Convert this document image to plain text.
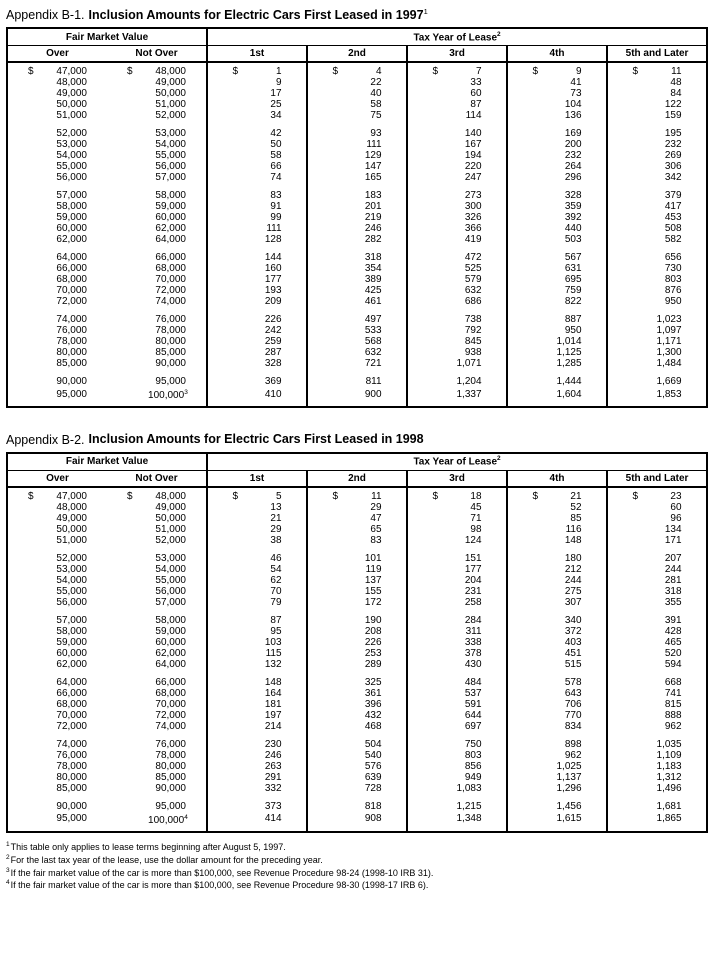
Appendix B-1. Inclusion Amounts for Electric Cars First Leased in 1997$^1$
Fair Market Value		Tax Year of Lease$^2$
Over	Not Over	1st	2nd	3rd	4th	5th and Later
$ 47,000	$ 48,000	$ 1	$ 4	$ 7	$ 9	$ 11
48,000	49,000	9	22	33	41	48
49,000	50,000	17	40	60	73	84
50,000	51,000	25	58	87	104	122
51,000	52,000	34	75	114	136	159
52,000	53,000	42	93	140	169	195
53,000	54,000	50	111	167	200	232
54,000	55,000	58	129	194	232	269
55,000	56,000	66	147	220	264	306
56,000	57,000	74	165	247	296	342
57,000	58,000	83	183	273	328	379
58,000	59,000	91	201	300	359	417
59,000	60,000	99	219	326	392	453
60,000	62,000	111	246	366	440	508
62,000	64,000	128	282	419	503	582
64,000	66,000	144	318	472	567	656
66,000	68,000	160	354	525	631	730
68,000	70,000	177	389	579	695	803
70,000	72,000	193	425	632	759	876
72,000	74,000	209	461	686	822	950
74,000	76,000	226	497	738	887	1,023
76,000	78,000	242	533	792	950	1,097
78,000	80,000	259	568	845	1,014	1,171
80,000	85,000	287	632	938	1,125	1,300
85,000	90,000	328	721	1,071	1,285	1,484
90,000	95,000	369	811	1,204	1,444	1,669
95,000	100,000$^3$	410	900	1,337	1,604	1,853
Appendix B-2. Inclusion Amounts for Electric Cars First Leased in 1998
Fair Market Value		Tax Year of Lease$^2$
Over	Not Over	1st	2nd	3rd	4th	5th and Later
$ 47,000	$ 48,000	$ 5	$ 11	$ 18	$ 21	$ 23
48,000	49,000	13	29	45	52	60
49,000	50,000	21	47	71	85	96
50,000	51,000	29	65	98	116	134
51,000	52,000	38	83	124	148	171
52,000	53,000	46	101	151	180	207
53,000	54,000	54	119	177	212	244
54,000	55,000	62	137	204	244	281
55,000	56,000	70	155	231	275	318
56,000	57,000	79	172	258	307	355
57,000	58,000	87	190	284	340	391
58,000	59,000	95	208	311	372	428
59,000	60,000	103	226	338	403	465
60,000	62,000	115	253	378	451	520
62,000	64,000	132	289	430	515	594
64,000	66,000	148	325	484	578	668
66,000	68,000	164	361	537	643	741
68,000	70,000	181	396	591	706	815
70,000	72,000	197	432	644	770	888
72,000	74,000	214	468	697	834	962
74,000	76,000	230	504	750	898	1,035
76,000	78,000	246	540	803	962	1,109
78,000	80,000	263	576	856	1,025	1,183
80,000	85,000	291	639	949	1,137	1,312
85,000	90,000	332	728	1,083	1,296	1,496
90,000	95,000	373	818	1,215	1,456	1,681
95,000	100,000$^4$	414	908	1,348	1,615	1,865
$^1$This table only applies to lease terms beginning after August 5, 1997.
$^2$For the last tax year of the lease, use the dollar amount for the preceding year.
$^3$If the fair market value of the car is more than $100,000, see Revenue Procedure 98-24 (1998-10 IRB 31).
$^4$If the fair market value of the car is more than $100,000, see Revenue Procedure 98-30 (1998-17 IRB 6).
